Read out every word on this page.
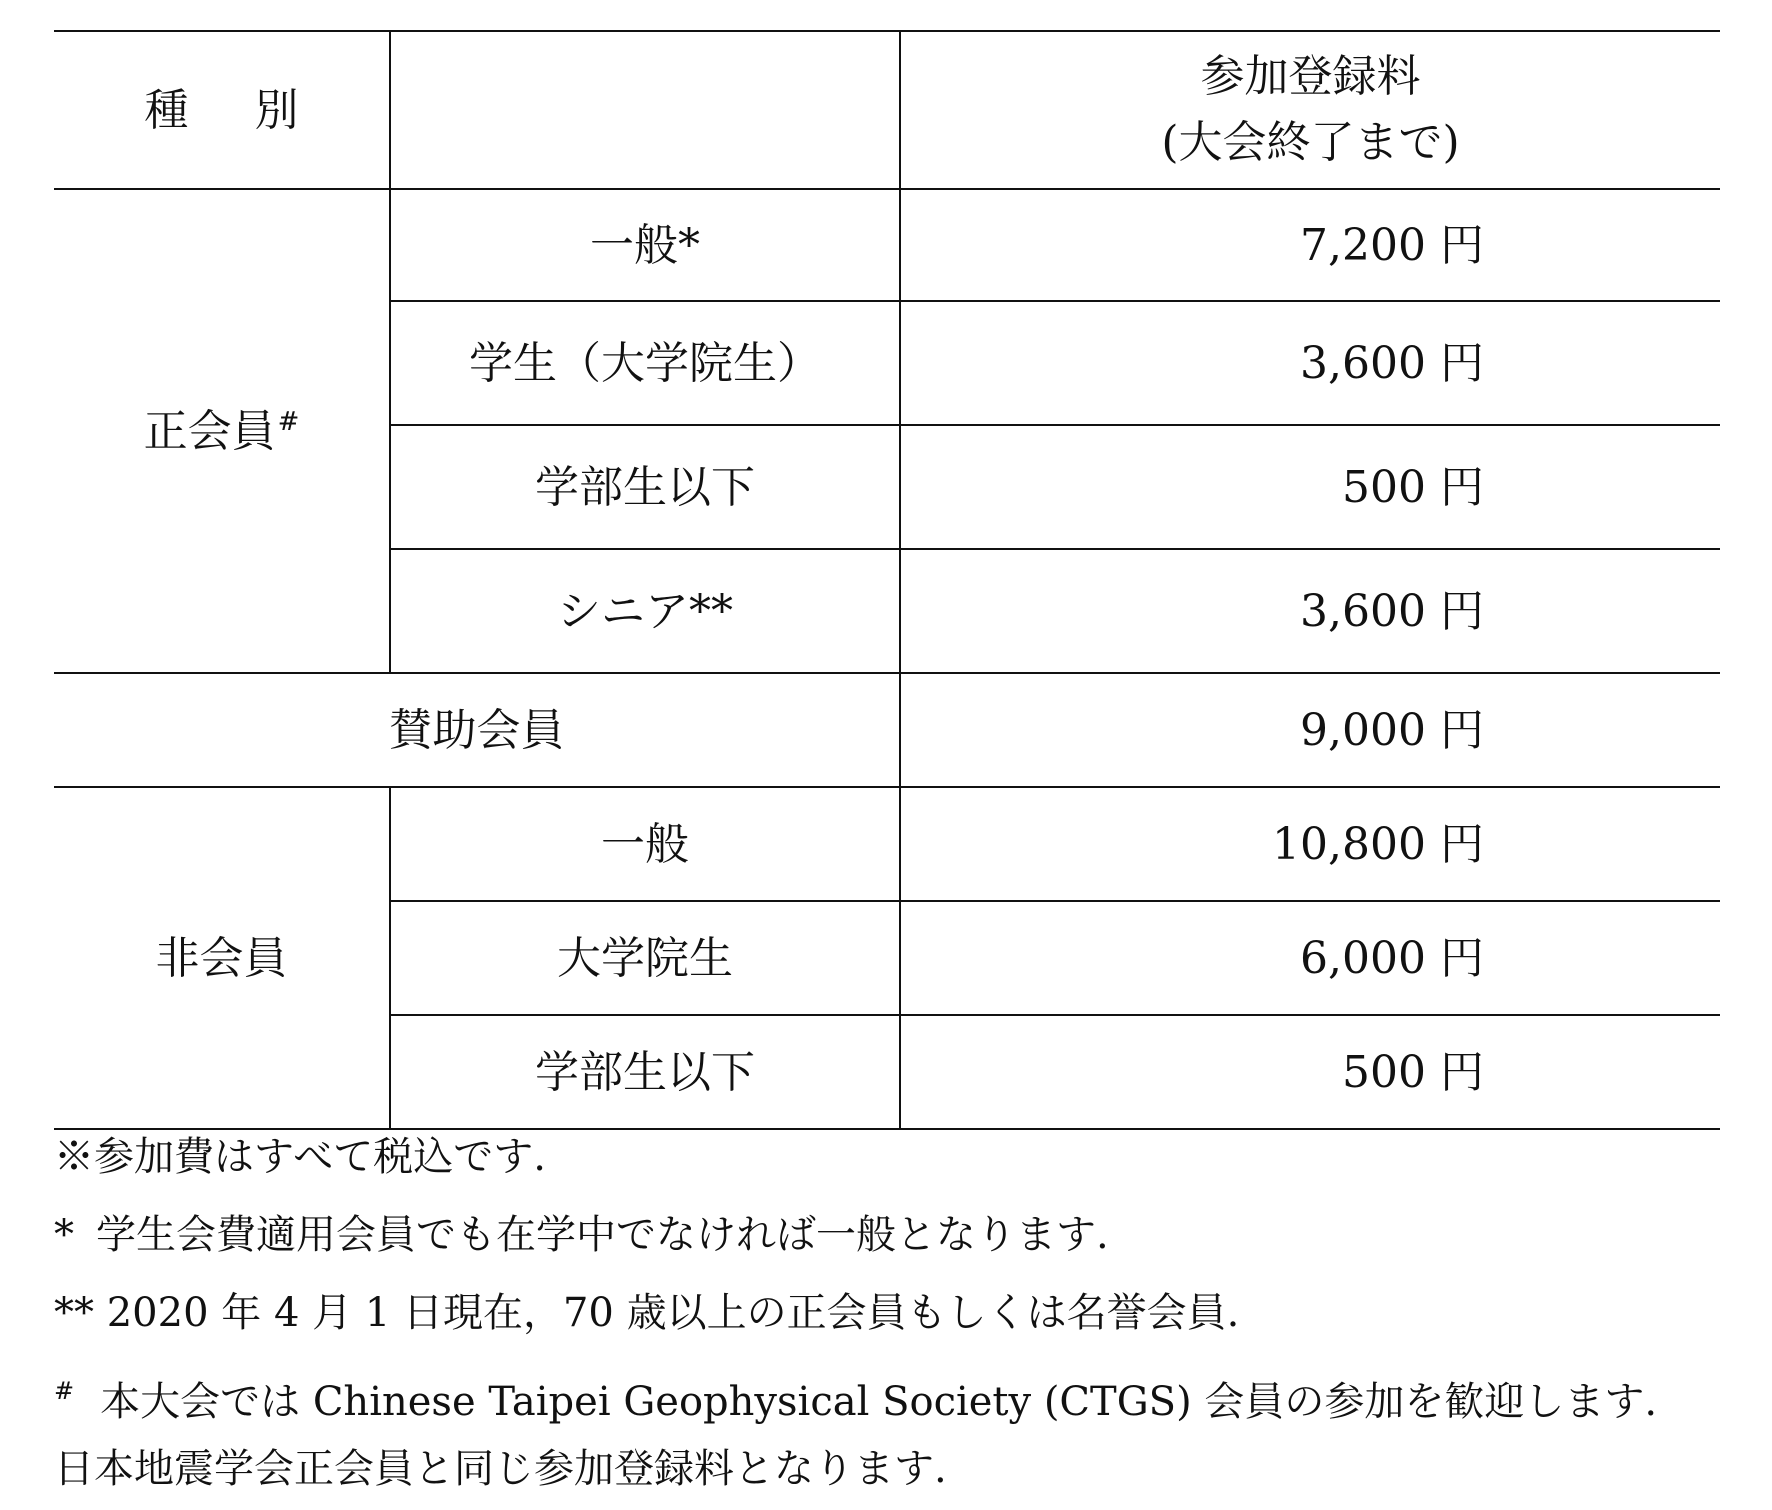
種 別		参加登録料
(大会終了まで)

正会員#	一般*	7,200 円
	学生（大学院生）	3,600 円
	学部生以下	500 円
	シニア**	3,600 円
賛助会員		9,000 円
非会員	一般	10,800 円
	大学院生	6,000 円
	学部生以下	500 円
※参加費はすべて税込です.
* 学生会費適用会員でも在学中でなければ一般となります.
** 2020 年 4 月 1 日現在，70 歳以上の正会員もしくは名誉会員.
# 本大会では Chinese Taipei Geophysical Society (CTGS) 会員の参加を歓迎します.
日本地震学会正会員と同じ参加登録料となります.
